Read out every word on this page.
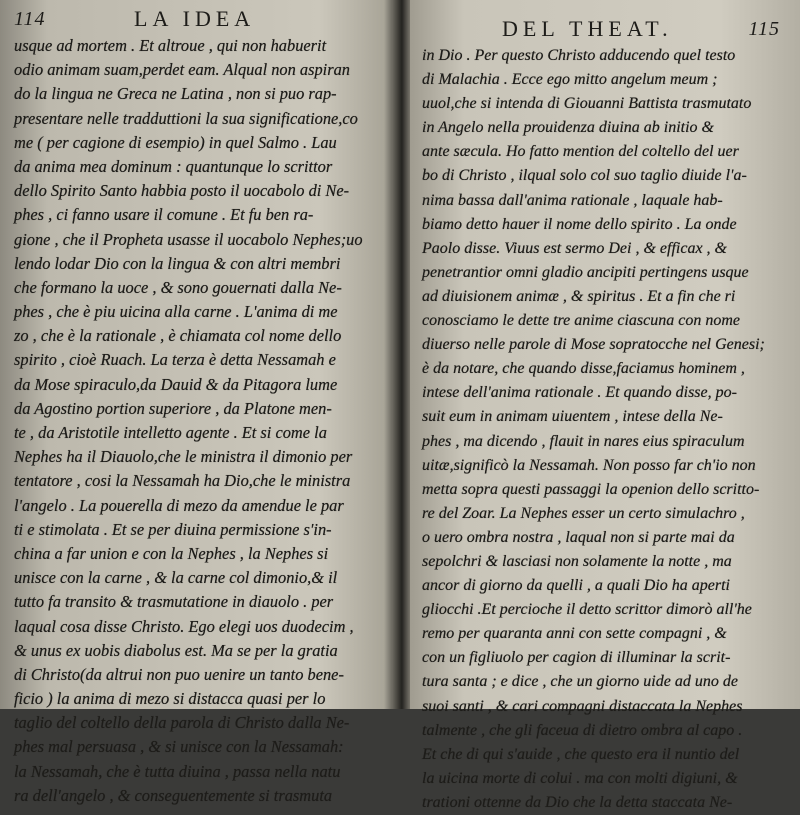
114	LA IDEA
usque ad mortem . Et altroue , qui non habuerit
odio animam suam,perdet eam. Alqual non aspiran
do la lingua ne Greca ne Latina , non si puo rap-
presentare nelle tradduttioni la sua significatione,co
me ( per cagione di esempio) in quel Salmo . Lau
da anima mea dominum : quantunque lo scrittor
dello Spirito Santo habbia posto il uocabolo di Ne-
phes , ci fanno usare il comune . Et fu ben ra-
gione , che il Propheta usasse il uocabolo Nephes;uo
lendo lodar Dio con la lingua & con altri membri
che formano la uoce , & sono gouernati dalla Ne-
phes , che è piu uicina alla carne . L'anima di me
zo , che è la rationale , è chiamata col nome dello
spirito , cioè Ruach. La terza è detta Nessamah e
da Mose spiraculo,da Dauid & da Pitagora lume
da Agostino portion superiore , da Platone men-
te , da Aristotile intelletto agente . Et si come la
Nephes ha il Diauolo,che le ministra il dimonio per
tentatore , cosi la Nessamah ha Dio,che le ministra
l'angelo . La pouerella di mezo da amendue le par
ti e stimolata . Et se per diuina permissione s'in-
china a far union e con la Nephes , la Nephes si
unisce con la carne , & la carne col dimonio,& il
tutto fa transito & trasmutatione in diauolo . per
laqual cosa disse Christo. Ego elegi uos duodecim ,
& unus ex uobis diabolus est. Ma se per la gratia
di Christo(da altrui non puo uenire un tanto bene-
ficio ) la anima di mezo si distacca quasi per lo
taglio del coltello della parola di Christo dalla Ne-
phes mal persuasa , & si unisce con la Nessamah:
la Nessamah, che è tutta diuina , passa nella natu
ra dell'angelo , & conseguentemente si trasmuta
DEL THEAT.	115
in Dio . Per questo Christo adducendo quel testo
di Malachia . Ecce ego mitto angelum meum ;
uuol,che si intenda di Giouanni Battista trasmutato
in Angelo nella prouidenza diuina ab initio &
ante sæcula. Ho fatto mention del coltello del uer
bo di Christo , ilqual solo col suo taglio diuide l'a-
nima bassa dall'anima rationale , laquale hab-
biamo detto hauer il nome dello spirito . La onde
Paolo disse. Viuus est sermo Dei , & efficax , &
penetrantior omni gladio ancipiti pertingens usque
ad diuisionem animæ , & spiritus . Et a fin che ri
conosciamo le dette tre anime ciascuna con nome
diuerso nelle parole di Mose sopratocche nel Genesi;
è da notare, che quando disse,faciamus hominem ,
intese dell'anima rationale . Et quando disse, po-
suit eum in animam uiuentem , intese della Ne-
phes , ma dicendo , flauit in nares eius spiraculum
uitæ,significò la Nessamah. Non posso far ch'io non
metta sopra questi passaggi la openion dello scritto-
re del Zoar. La Nephes esser un certo simulachro ,
o uero ombra nostra , laqual non si parte mai da
sepolchri & lasciasi non solamente la notte , ma
ancor di giorno da quelli , a quali Dio ha aperti
gliocchi .Et percioche il detto scrittor dimorò all'he
remo per quaranta anni con sette compagni , &
con un figliuolo per cagion di illuminar la scrit-
tura santa ; e dice , che un giorno uide ad uno de
suoi santi , & cari compagni distaccata la Nephes
talmente , che gli faceua di dietro ombra al capo .
Et che di qui s'auide , che questo era il nuntio del
la uicina morte di colui . ma con molti digiuni, &
trationi ottenne da Dio che la detta staccata Ne-
